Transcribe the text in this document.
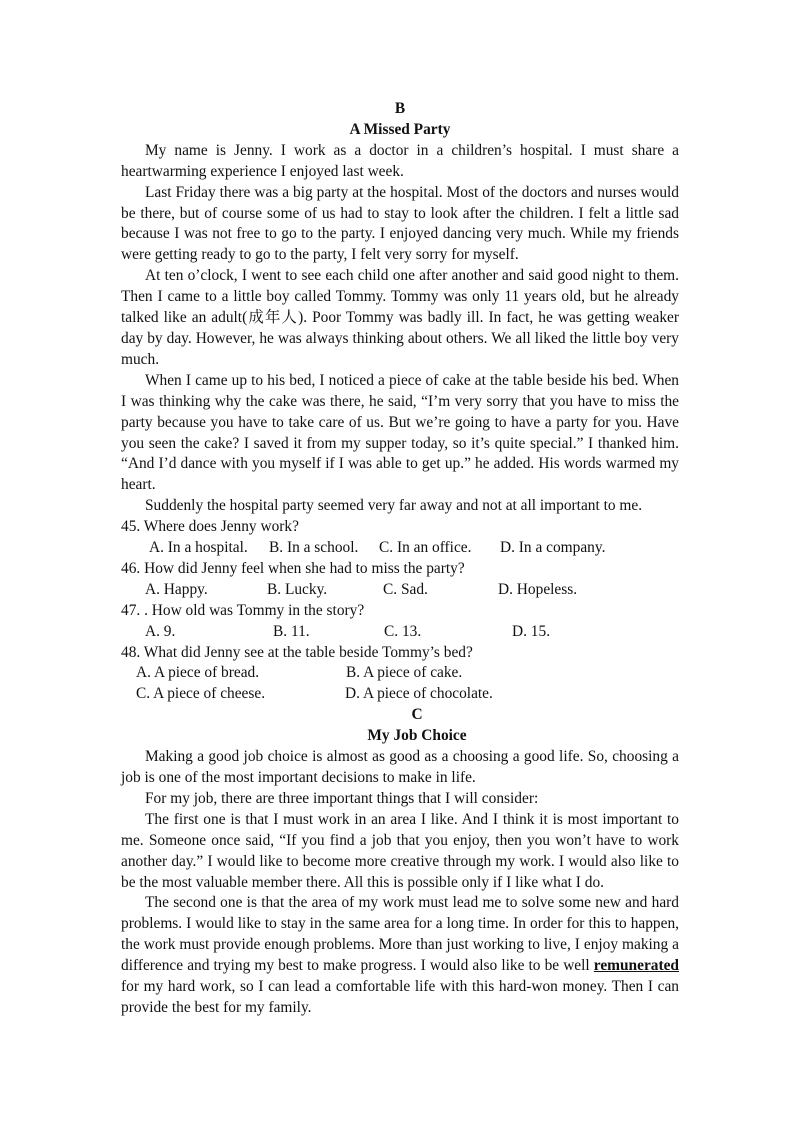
B
A Missed Party

My name is Jenny. I work as a doctor in a children’s hospital. I must share a heartwarming experience I enjoyed last week.

Last Friday there was a big party at the hospital. Most of the doctors and nurses would be there, but of course some of us had to stay to look after the children. I felt a little sad because I was not free to go to the party. I enjoyed dancing very much. While my friends were getting ready to go to the party, I felt very sorry for myself.

At ten o’clock, I went to see each child one after another and said good night to them. Then I came to a little boy called Tommy. Tommy was only 11 years old, but he already talked like an adult(成年人). Poor Tommy was badly ill. In fact, he was getting weaker day by day. However, he was always thinking about others. We all liked the little boy very much.

When I came up to his bed, I noticed a piece of cake at the table beside his bed. When I was thinking why the cake was there, he said, “I’m very sorry that you have to miss the party because you have to take care of us. But we’re going to have a party for you. Have you seen the cake? I saved it from my supper today, so it’s quite special.” I thanked him. “And I’d dance with you myself if I was able to get up.” he added. His words warmed my heart.

Suddenly the hospital party seemed very far away and not at all important to me.

45. Where does Jenny work?

A. In a hospital.	B. In a school.	C. In an office.	D. In a company.

46. How did Jenny feel when she had to miss the party?

A. Happy.	B. Lucky.	C. Sad.	D. Hopeless.

47. . How old was Tommy in the story?

A. 9.	B. 11.	C. 13.	D. 15.

48. What did Jenny see at the table beside Tommy’s bed?

A. A piece of bread.	B. A piece of cake.
C. A piece of cheese.	D. A piece of chocolate.
C
My Job Choice

Making a good job choice is almost as good as a choosing a good life. So, choosing a job is one of the most important decisions to make in life.

For my job, there are three important things that I will consider:

The first one is that I must work in an area I like. And I think it is most important to me. Someone once said, “If you find a job that you enjoy, then you won’t have to work another day.” I would like to become more creative through my work. I would also like to be the most valuable member there. All this is possible only if I like what I do.

The second one is that the area of my work must lead me to solve some new and hard problems. I would like to stay in the same area for a long time. In order for this to happen, the work must provide enough problems. More than just working to live, I enjoy making a difference and trying my best to make progress. I would also like to be well remunerated for my hard work, so I can lead a comfortable life with this hard-won money. Then I can provide the best for my family.
